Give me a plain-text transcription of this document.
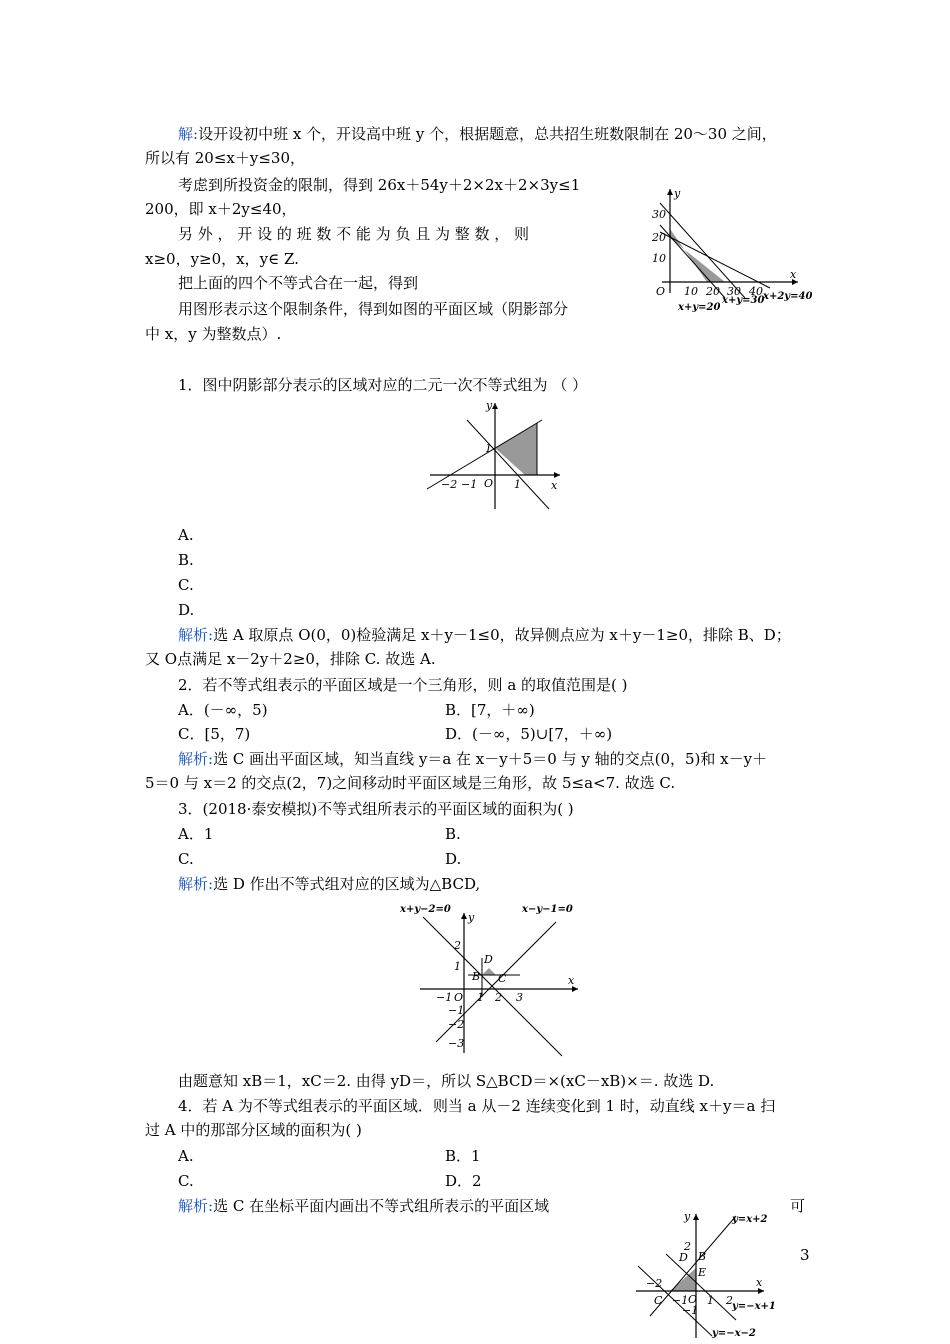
解:设开设初中班 x 个，开设高中班 y 个，根据题意，总共招生班数限制在 20～30 之间，
所以有 20≤x＋y≤30，
考虑到所投资金的限制，得到 26x＋54y＋2×2x＋2×3y≤1
200，即 x＋2y≤40，
另 外 ， 开 设 的 班 数 不 能 为 负 且 为 整 数 ， 则
x≥0，y≥0，x，y∈ Z.
把上面的四个不等式合在一起，得到
用图形表示这个限制条件，得到如图的平面区域（阴影部分
中 x，y 为整数点）.
y
x
O
30
20
10
10 20 30 40
x+y=20
x+y=30
x+2y=40
1．图中阴影部分表示的区域对应的二元一次不等式组为 （ ）
y
x
O
−2 −1	1
1
A.
B.
C.
D.
解析:选 A 取原点 O(0，0)检验满足 x＋y－1≤0，故异侧点应为 x＋y－1≥0，排除 B、D；
又 O点满足 x－2y＋2≥0，排除 C. 故选 A.
2．若不等式组表示的平面区域是一个三角形，则 a 的取值范围是( )
A．(－∞，5)	B．[7，＋∞)
C．[5，7)	D．(－∞，5)∪[7，＋∞)
解析:选 C 画出平面区域，知当直线 y＝a 在 x－y＋5＝0 与 y 轴的交点(0，5)和 x－y＋
5＝0 与 x＝2 的交点(2，7)之间移动时平面区域是三角形，故 5≤a<7. 故选 C.
3．(2018·泰安模拟)不等式组所表示的平面区域的面积为( )
A．1	B.
C.	D.
解析:选 D 作出不等式组对应的区域为△BCD,
x+y−2=0	x−y−1=0
y
x
O
B C
D
−1 1 2 3
2
1
−1
−2
−3
由题意知 xB＝1，xC＝2. 由得 yD＝，所以 S△BCD＝×(xC－xB)×＝. 故选 D.
4．若 A 为不等式组表示的平面区域．则当 a 从－2 连续变化到 1 时，动直线 x＋y＝a 扫
过 A 中的那部分区域的面积为( )
A.	B．1
C.	D．2
解析:选 C 在坐标平面内画出不等式组所表示的平面区域	可
y
x
O
D B
E
C
2
−2
−1 1 2
−1
y=x+2
y=−x+1
y=−x−2
3
